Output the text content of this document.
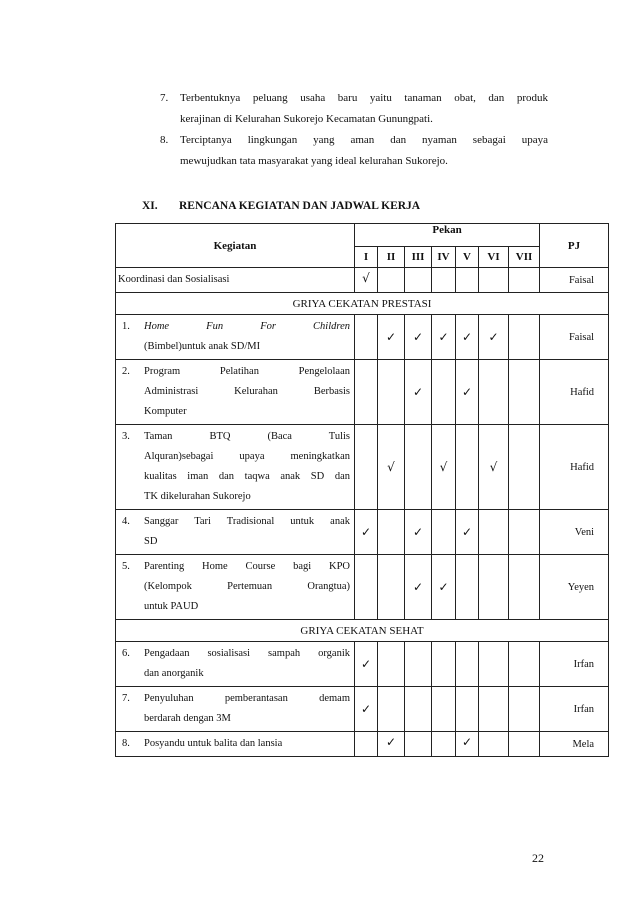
7.	Terbentuknya peluang usaha baru yaitu tanaman obat, dan produk
kerajinan di Kelurahan Sukorejo Kecamatan Gunungpati.
8.	Terciptanya lingkungan yang aman dan nyaman sebagai upaya
mewujudkan tata masyarakat yang ideal kelurahan Sukorejo.
XI.	RENCANA KEGIATAN DAN JADWAL KERJA
Kegiatan	Pekan							PJ
	I	II	III	IV	V	VI	VII	

Koordinasi dan Sosialisasi	√							Faisal
GRIYA CEKATAN PRESTASI								

1. Home Fun For Children
(Bimbel)untuk anak SD/MI		✓	✓	✓	✓	✓		Faisal

2. Program Pelatihan Pengelolaan
Administrasi Kelurahan Berbasis
Komputer			✓		✓			Hafid

3. Taman BTQ (Baca Tulis
Alquran)sebagai upaya meningkatkan
kualitas iman dan taqwa anak SD dan
TK dikelurahan Sukorejo		√		√		√		Hafid

4. Sanggar Tari Tradisional untuk anak
SD	✓		✓		✓			Veni

5. Parenting Home Course bagi KPO
(Kelompok Pertemuan Orangtua)
untuk PAUD			✓	✓				Yeyen
GRIYA CEKATAN SEHAT								

6. Pengadaan sosialisasi sampah organik
dan anorganik	✓							Irfan

7. Penyuluhan pemberantasan demam
berdarah dengan 3M	✓							Irfan

8. Posyandu untuk balita dan lansia		✓			✓			Mela
22
